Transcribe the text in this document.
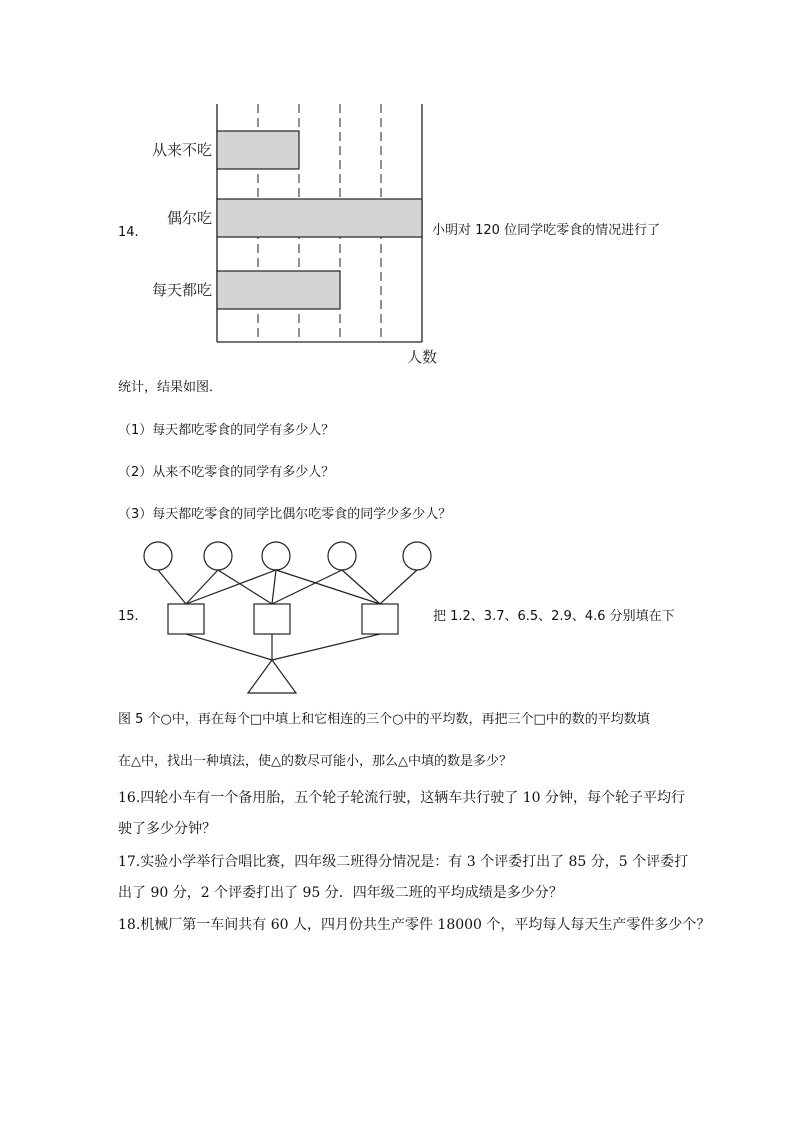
14.
从来不吃
偶尔吃
每天都吃
人数
小明对 120 位同学吃零食的情况进行了
统计，结果如图．
（1）每天都吃零食的同学有多少人？
（2）从来不吃零食的同学有多少人？
（3）每天都吃零食的同学比偶尔吃零食的同学少多少人？
15.	把 1.2、3.7、6.5、2.9、4.6 分别填在下
图 5 个○中，再在每个□中填上和它相连的三个○中的平均数，再把三个□中的数的平均数填
在△中，找出一种填法，使△的数尽可能小，那么△中填的数是多少？
16.四轮小车有一个备用胎，五个轮子轮流行驶，这辆车共行驶了 10 分钟，每个轮子平均行
驶了多少分钟？
17.实验小学举行合唱比赛，四年级二班得分情况是：有 3 个评委打出了 85 分，5 个评委打
出了 90 分，2 个评委打出了 95 分．四年级二班的平均成绩是多少分？
18.机械厂第一车间共有 60 人，四月份共生产零件 18000 个，平均每人每天生产零件多少个？
